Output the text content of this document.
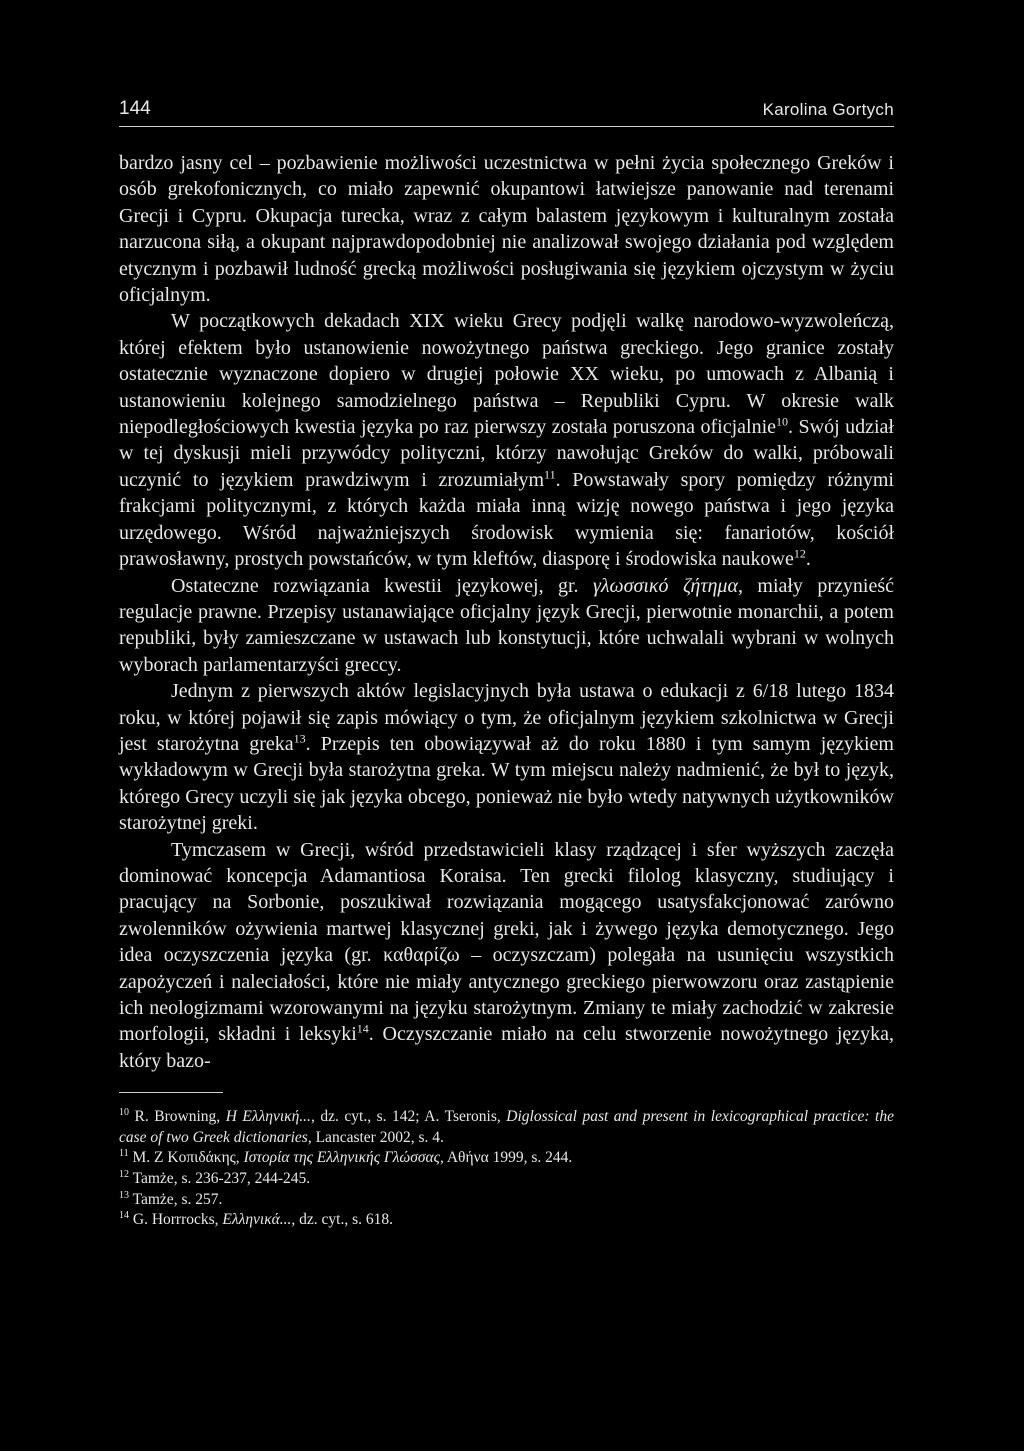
144	Karolina Gortych

bardzo jasny cel – pozbawienie możliwości uczestnictwa w pełni życia społecznego Greków i osób grekofonicznych, co miało zapewnić okupantowi łatwiejsze panowanie nad terenami Grecji i Cypru. Okupacja turecka, wraz z całym balastem językowym i kulturalnym została narzucona siłą, a okupant najprawdopodobniej nie analizował swojego działania pod względem etycznym i pozbawił ludność grecką możliwości posługiwania się językiem ojczystym w życiu oficjalnym.

W początkowych dekadach XIX wieku Grecy podjęli walkę narodowo-wyzwoleńczą, której efektem było ustanowienie nowożytnego państwa greckiego. Jego granice zostały ostatecznie wyznaczone dopiero w drugiej połowie XX wieku, po umowach z Albanią i ustanowieniu kolejnego samodzielnego państwa – Republiki Cypru. W okresie walk niepodległościowych kwestia języka po raz pierwszy została poruszona oficjalnie$^{10}$. Swój udział w tej dyskusji mieli przywódcy polityczni, którzy nawołując Greków do walki, próbowali uczynić to językiem prawdziwym i zrozumiałym$^{11}$. Powstawały spory pomiędzy różnymi frakcjami politycznymi, z których każda miała inną wizję nowego państwa i jego języka urzędowego. Wśród najważniejszych środowisk wymienia się: fanariotów, kościół prawosławny, prostych powstańców, w tym kleftów, diasporę i środowiska naukowe$^{12}$.

Ostateczne rozwiązania kwestii językowej, gr. γλωσσικό ζήτημα, miały przynieść regulacje prawne. Przepisy ustanawiające oficjalny język Grecji, pierwotnie monarchii, a potem republiki, były zamieszczane w ustawach lub konstytucji, które uchwalali wybrani w wolnych wyborach parlamentarzyści greccy.

Jednym z pierwszych aktów legislacyjnych była ustawa o edukacji z 6/18 lutego 1834 roku, w której pojawił się zapis mówiący o tym, że oficjalnym językiem szkolnictwa w Grecji jest starożytna greka$^{13}$. Przepis ten obowiązywał aż do roku 1880 i tym samym językiem wykładowym w Grecji była starożytna greka. W tym miejscu należy nadmienić, że był to język, którego Grecy uczyli się jak języka obcego, ponieważ nie było wtedy natywnych użytkowników starożytnej greki.

Tymczasem w Grecji, wśród przedstawicieli klasy rządzącej i sfer wyższych zaczęła dominować koncepcja Adamantiosa Koraisa. Ten grecki filolog klasyczny, studiujący i pracujący na Sorbonie, poszukiwał rozwiązania mogącego usatysfakcjonować zarówno zwolenników ożywienia martwej klasycznej greki, jak i żywego języka demotycznego. Jego idea oczyszczenia języka (gr. καθαρίζω – oczyszczam) polegała na usunięciu wszystkich zapożyczeń i naleciałości, które nie miały antycznego greckiego pierwowzoru oraz zastąpienie ich neologizmami wzorowanymi na języku starożytnym. Zmiany te miały zachodzić w zakresie morfologii, składni i leksyki$^{14}$. Oczyszczanie miało na celu stworzenie nowożytnego języka, który bazo-

$^{10}$ R. Browning, Η Ελληνική..., dz. cyt., s. 142; A. Tseronis, Diglossical past and present in lexicographical practice: the case of two Greek dictionaries, Lancaster 2002, s. 4.

$^{11}$ M. Ζ Κοπιδάκης, Ιστορία της Ελληνικής Γλώσσας, Αθήνα 1999, s. 244.

$^{12}$ Tamże, s. 236-237, 244-245.

$^{13}$ Tamże, s. 257.

$^{14}$ G. Horrrocks, Ελληνικά..., dz. cyt., s. 618.
